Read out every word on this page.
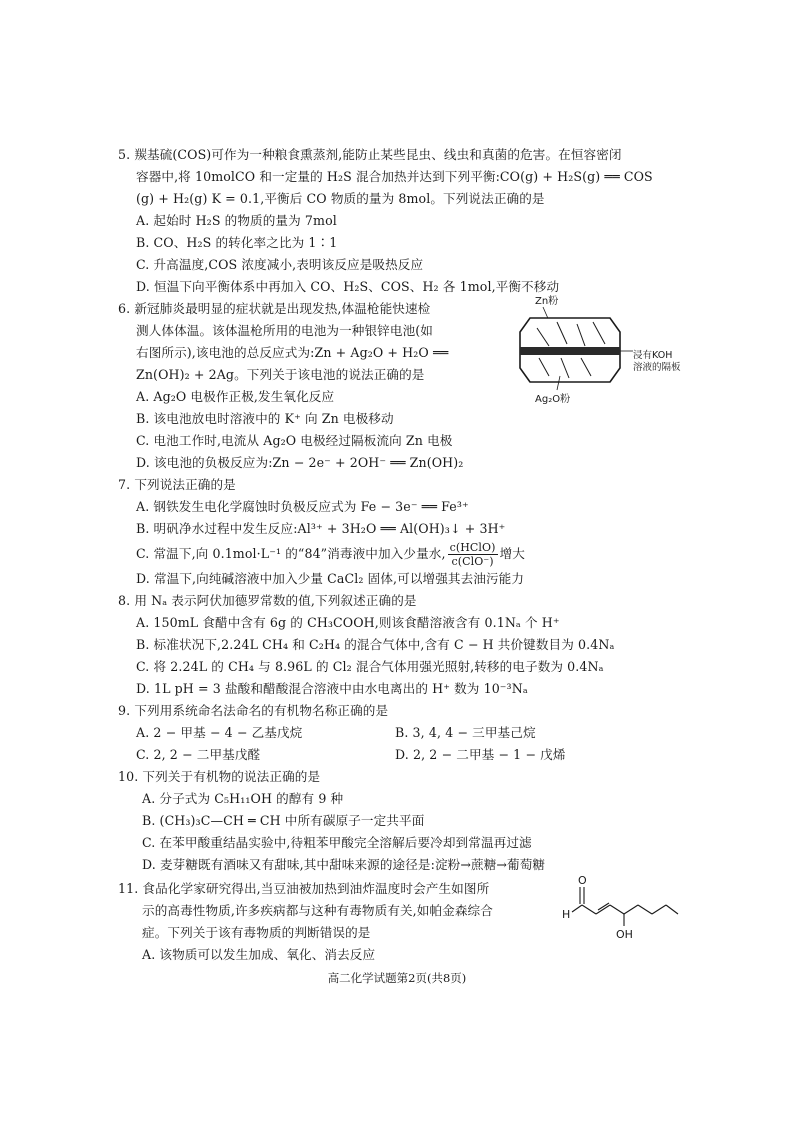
5. 羰基硫(COS)可作为一种粮食熏蒸剂,能防止某些昆虫、线虫和真菌的危害。在恒容密闭
容器中,将 10molCO 和一定量的 H₂S 混合加热并达到下列平衡:CO(g) + H₂S(g) ══ COS
(g) + H₂(g) K = 0.1,平衡后 CO 物质的量为 8mol。下列说法正确的是
A. 起始时 H₂S 的物质的量为 7mol
B. CO、H₂S 的转化率之比为 1∶1
C. 升高温度,COS 浓度减小,表明该反应是吸热反应
D. 恒温下向平衡体系中再加入 CO、H₂S、COS、H₂ 各 1mol,平衡不移动
6. 新冠肺炎最明显的症状就是出现发热,体温枪能快速检
测人体体温。该体温枪所用的电池为一种银锌电池(如
右图所示),该电池的总反应式为:Zn + Ag₂O + H₂O ══
Zn(OH)₂ + 2Ag。下列关于该电池的说法正确的是
A. Ag₂O 电极作正极,发生氧化反应
B. 该电池放电时溶液中的 K⁺ 向 Zn 电极移动
C. 电池工作时,电流从 Ag₂O 电极经过隔板流向 Zn 电极
D. 该电池的负极反应为:Zn − 2e⁻ + 2OH⁻ ══ Zn(OH)₂
Zn粉
浸有KOH
溶液的隔板
Ag₂O粉
7. 下列说法正确的是
A. 钢铁发生电化学腐蚀时负极反应式为 Fe − 3e⁻ ══ Fe³⁺
B. 明矾净水过程中发生反应:Al³⁺ + 3H₂O ══ Al(OH)₃↓ + 3H⁺
C. 常温下,向 0.1mol·L⁻¹ 的“84”消毒液中加入少量水, $\frac{\text{c(HClO)}}{\text{c(ClO⁻)}}$ 增大
D. 常温下,向纯碱溶液中加入少量 CaCl₂ 固体,可以增强其去油污能力
8. 用 Nₐ 表示阿伏加德罗常数的值,下列叙述正确的是
A. 150mL 食醋中含有 6g 的 CH₃COOH,则该食醋溶液含有 0.1Nₐ 个 H⁺
B. 标准状况下,2.24L CH₄ 和 C₂H₄ 的混合气体中,含有 C − H 共价键数目为 0.4Nₐ
C. 将 2.24L 的 CH₄ 与 8.96L 的 Cl₂ 混合气体用强光照射,转移的电子数为 0.4Nₐ
D. 1L pH = 3 盐酸和醋酸混合溶液中由水电离出的 H⁺ 数为 10⁻³Nₐ
9. 下列用系统命名法命名的有机物名称正确的是
A. 2 − 甲基 − 4 − 乙基戊烷	B. 3, 4, 4 − 三甲基己烷
C. 2, 2 − 二甲基戊醛	D. 2, 2 − 二甲基 − 1 − 戊烯
10. 下列关于有机物的说法正确的是
A. 分子式为 C₅H₁₁OH 的醇有 9 种
B. (CH₃)₃C—CH ═ CH 中所有碳原子一定共平面
C. 在苯甲酸重结晶实验中,待粗苯甲酸完全溶解后要冷却到常温再过滤
D. 麦芽糖既有酒味又有甜味,其中甜味来源的途径是:淀粉→蔗糖→葡萄糖
11. 食品化学家研究得出,当豆油被加热到油炸温度时会产生如图所
示的高毒性物质,许多疾病都与这种有毒物质有关,如帕金森综合
症。下列关于该有毒物质的判断错误的是
A. 该物质可以发生加成、氧化、消去反应
O
H
OH
高二化学试题第2页(共8页)
